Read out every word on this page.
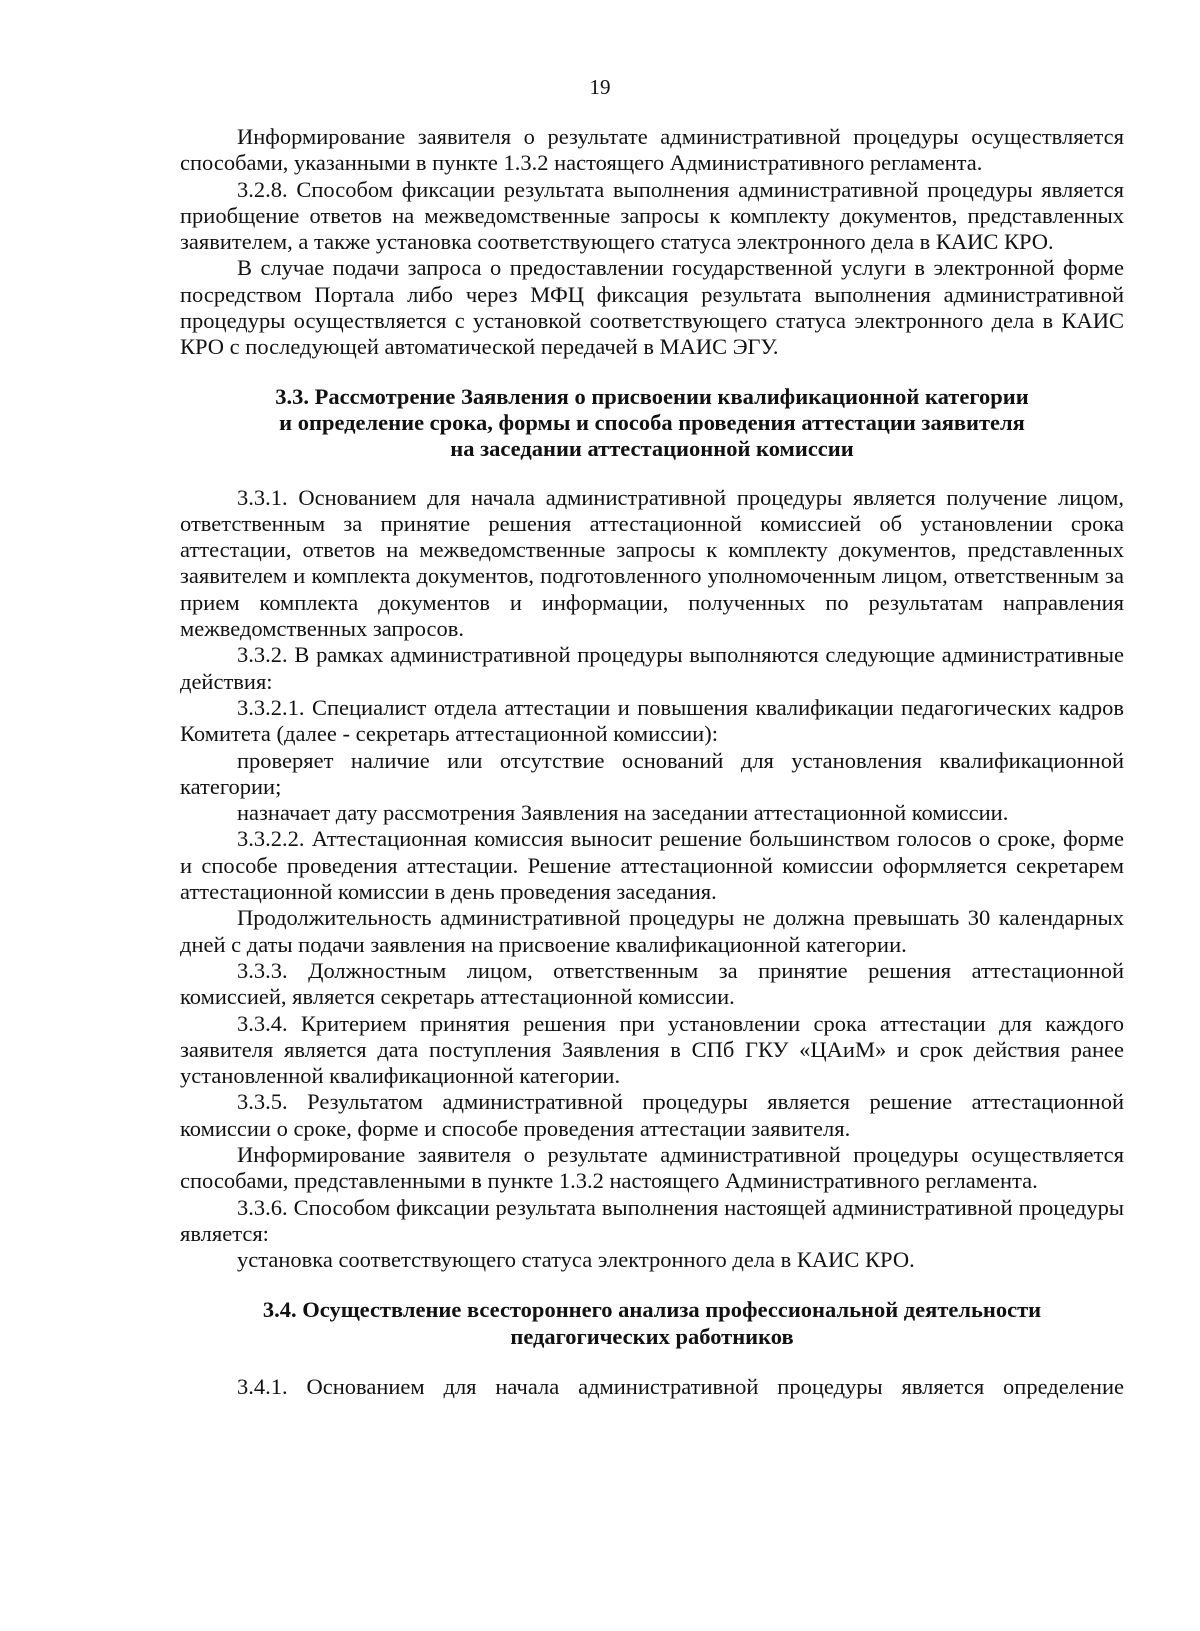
19

Информирование заявителя о результате административной процедуры осуществляется способами, указанными в пункте 1.3.2 настоящего Административного регламента.

3.2.8. Способом фиксации результата выполнения административной процедуры является приобщение ответов на межведомственные запросы к комплекту документов, представленных заявителем, а также установка соответствующего статуса электронного дела в КАИС КРО.

В случае подачи запроса о предоставлении государственной услуги в электронной форме посредством Портала либо через МФЦ фиксация результата выполнения административной процедуры осуществляется с установкой соответствующего статуса электронного дела в КАИС КРО с последующей автоматической передачей в МАИС ЭГУ.

3.3. Рассмотрение Заявления о присвоении квалификационной категории
и определение срока, формы и способа проведения аттестации заявителя
на заседании аттестационной комиссии

3.3.1. Основанием для начала административной процедуры является получение лицом, ответственным за принятие решения аттестационной комиссией об установлении срока аттестации, ответов на межведомственные запросы к комплекту документов, представленных заявителем и комплекта документов, подготовленного уполномоченным лицом, ответственным за прием комплекта документов и информации, полученных по результатам направления межведомственных запросов.

3.3.2. В рамках административной процедуры выполняются следующие административные действия:

3.3.2.1. Специалист отдела аттестации и повышения квалификации педагогических кадров Комитета (далее - секретарь аттестационной комиссии):

проверяет наличие или отсутствие оснований для установления квалификационной категории;

назначает дату рассмотрения Заявления на заседании аттестационной комиссии.

3.3.2.2. Аттестационная комиссия выносит решение большинством голосов о сроке, форме и способе проведения аттестации. Решение аттестационной комиссии оформляется секретарем аттестационной комиссии в день проведения заседания.

Продолжительность административной процедуры не должна превышать 30 календарных дней с даты подачи заявления на присвоение квалификационной категории.

3.3.3. Должностным лицом, ответственным за принятие решения аттестационной комиссией, является секретарь аттестационной комиссии.

3.3.4. Критерием принятия решения при установлении срока аттестации для каждого заявителя является дата поступления Заявления в СПб ГКУ «ЦАиМ» и срок действия ранее установленной квалификационной категории.

3.3.5. Результатом административной процедуры является решение аттестационной комиссии о сроке, форме и способе проведения аттестации заявителя.

Информирование заявителя о результате административной процедуры осуществляется способами, представленными в пункте 1.3.2 настоящего Административного регламента.

3.3.6. Способом фиксации результата выполнения настоящей административной процедуры является:

установка соответствующего статуса электронного дела в КАИС КРО.

3.4. Осуществление всестороннего анализа профессиональной деятельности
педагогических работников

3.4.1. Основанием для начала административной процедуры является определение
